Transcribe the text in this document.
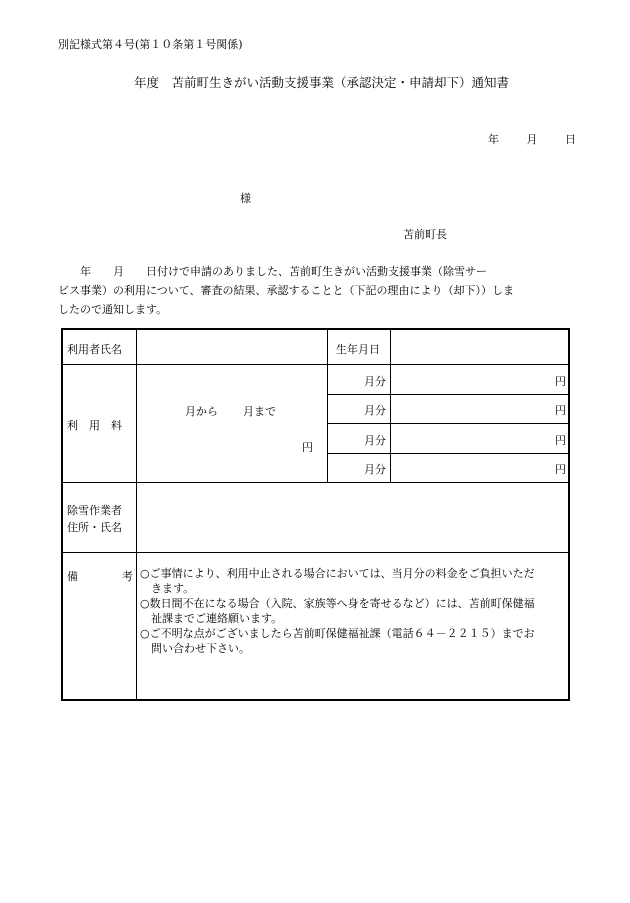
別記様式第４号(第１０条第１号関係)
年度　苫前町生きがい活動支援事業（承認決定・申請却下）通知書
年	月	日
様
苫前町長
　　年　　月　　日付けで申請のありました、苫前町生きがい活動支援事業（除雪サー
ビス事業）の利用について、審査の結果、承認することと（下記の理由により（却下））しま
したので通知します。
利用者氏名	生年月日
利　用　料
月から 月まで
円
月分	円
月分	円
月分	円
月分	円
除雪作業者
住所・氏名
備	考 ○ご事情により、利用中止される場合においては、当月分の料金をご負担いただ
　きます。
○数日間不在になる場合（入院、家族等へ身を寄せるなど）には、苫前町保健福
　祉課までご連絡願います。
○ご不明な点がございましたら苫前町保健福祉課（電話６４－２２１５）までお
　問い合わせ下さい。
